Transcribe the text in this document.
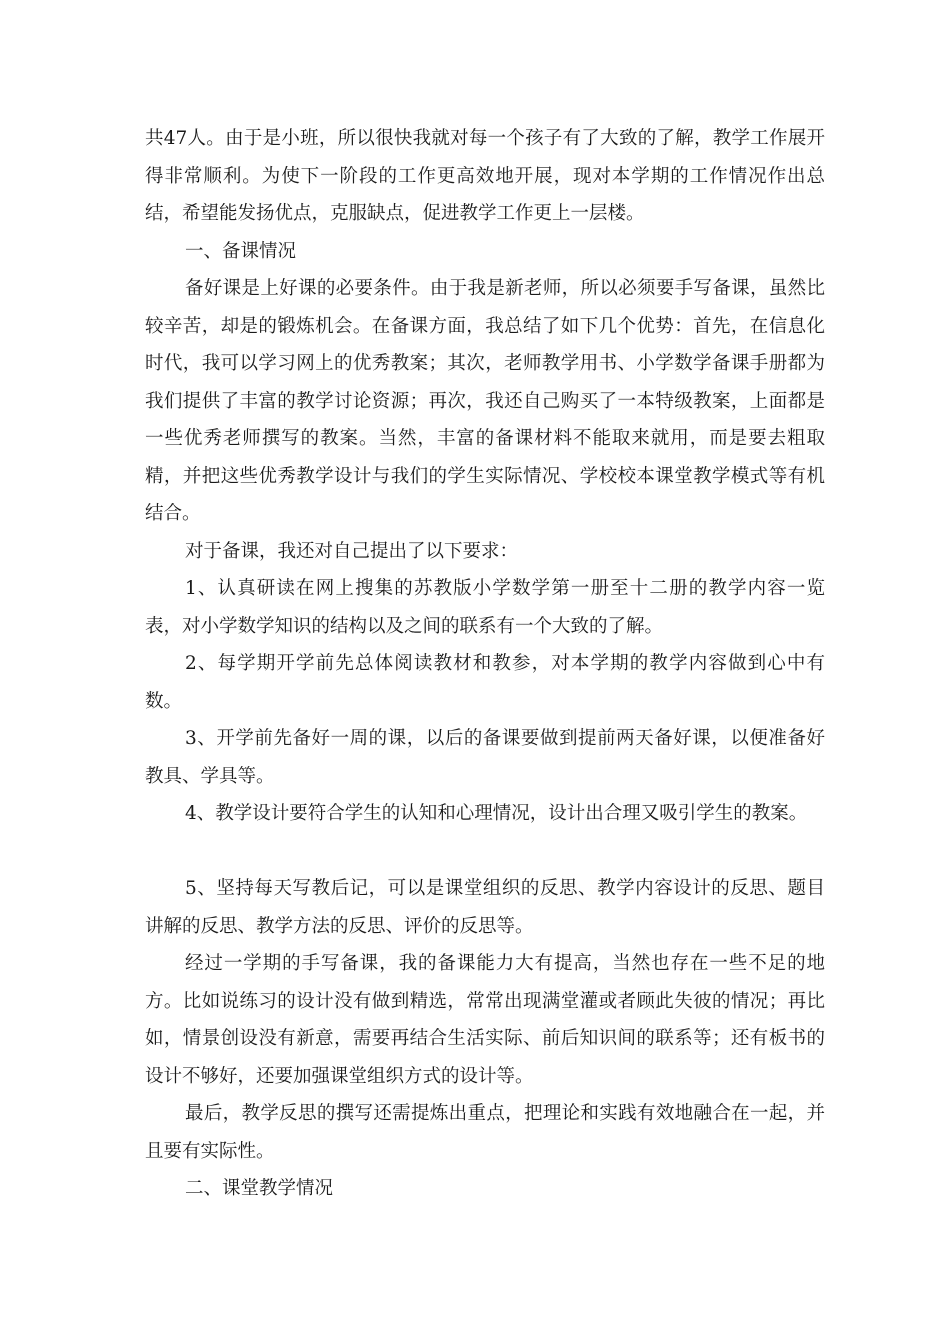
共47人。由于是小班，所以很快我就对每一个孩子有了大致的了解，教学工作展开得非常顺利。为使下一阶段的工作更高效地开展，现对本学期的工作情况作出总结，希望能发扬优点，克服缺点，促进教学工作更上一层楼。

一、备课情况

备好课是上好课的必要条件。由于我是新老师，所以必须要手写备课，虽然比较辛苦，却是的锻炼机会。在备课方面，我总结了如下几个优势：首先，在信息化时代，我可以学习网上的优秀教案；其次，老师教学用书、小学数学备课手册都为我们提供了丰富的教学讨论资源；再次，我还自己购买了一本特级教案，上面都是一些优秀老师撰写的教案。当然，丰富的备课材料不能取来就用，而是要去粗取精，并把这些优秀教学设计与我们的学生实际情况、学校校本课堂教学模式等有机结合。

对于备课，我还对自己提出了以下要求：

1、认真研读在网上搜集的苏教版小学数学第一册至十二册的教学内容一览表，对小学数学知识的结构以及之间的联系有一个大致的了解。

2、每学期开学前先总体阅读教材和教参，对本学期的教学内容做到心中有数。

3、开学前先备好一周的课，以后的备课要做到提前两天备好课，以便准备好教具、学具等。

4、教学设计要符合学生的认知和心理情况，设计出合理又吸引学生的教案。

5、坚持每天写教后记，可以是课堂组织的反思、教学内容设计的反思、题目讲解的反思、教学方法的反思、评价的反思等。

经过一学期的手写备课，我的备课能力大有提高，当然也存在一些不足的地方。比如说练习的设计没有做到精选，常常出现满堂灌或者顾此失彼的情况；再比如，情景创设没有新意，需要再结合生活实际、前后知识间的联系等；还有板书的设计不够好，还要加强课堂组织方式的设计等。

最后，教学反思的撰写还需提炼出重点，把理论和实践有效地融合在一起，并且要有实际性。

二、课堂教学情况
